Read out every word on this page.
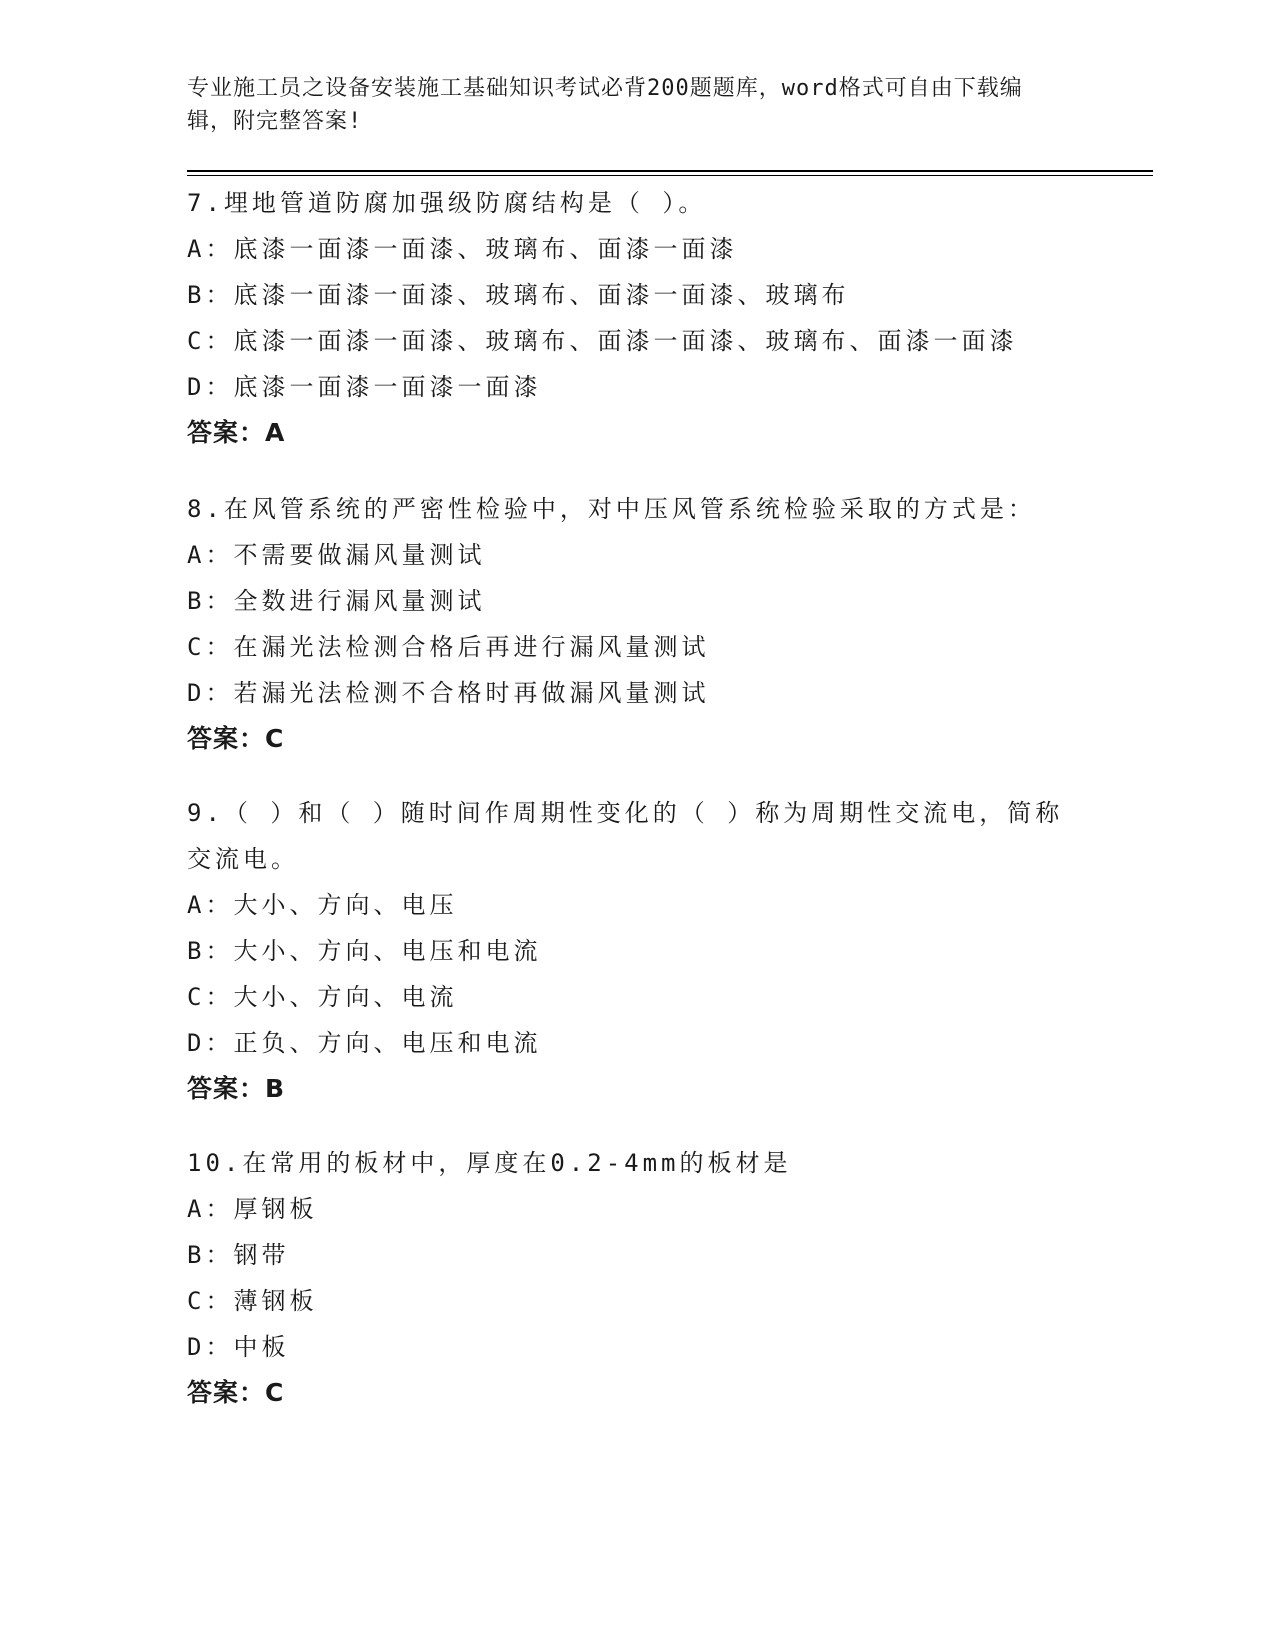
专业施工员之设备安装施工基础知识考试必背200题题库，word格式可自由下载编辑，附完整答案!
7.埋地管道防腐加强级防腐结构是（ ）。
A：底漆一面漆一面漆、玻璃布、面漆一面漆
B：底漆一面漆一面漆、玻璃布、面漆一面漆、玻璃布
C：底漆一面漆一面漆、玻璃布、面漆一面漆、玻璃布、面漆一面漆
D：底漆一面漆一面漆一面漆
答案：A
8.在风管系统的严密性检验中，对中压风管系统检验采取的方式是：
A：不需要做漏风量测试
B：全数进行漏风量测试
C：在漏光法检测合格后再进行漏风量测试
D：若漏光法检测不合格时再做漏风量测试
答案：C
9.（ ）和（ ）随时间作周期性变化的（ ）称为周期性交流电，简称交流电。
A：大小、方向、电压
B：大小、方向、电压和电流
C：大小、方向、电流
D：正负、方向、电压和电流
答案：B
10.在常用的板材中，厚度在0.2-4mm的板材是
A：厚钢板
B：钢带
C：薄钢板
D：中板
答案：C
